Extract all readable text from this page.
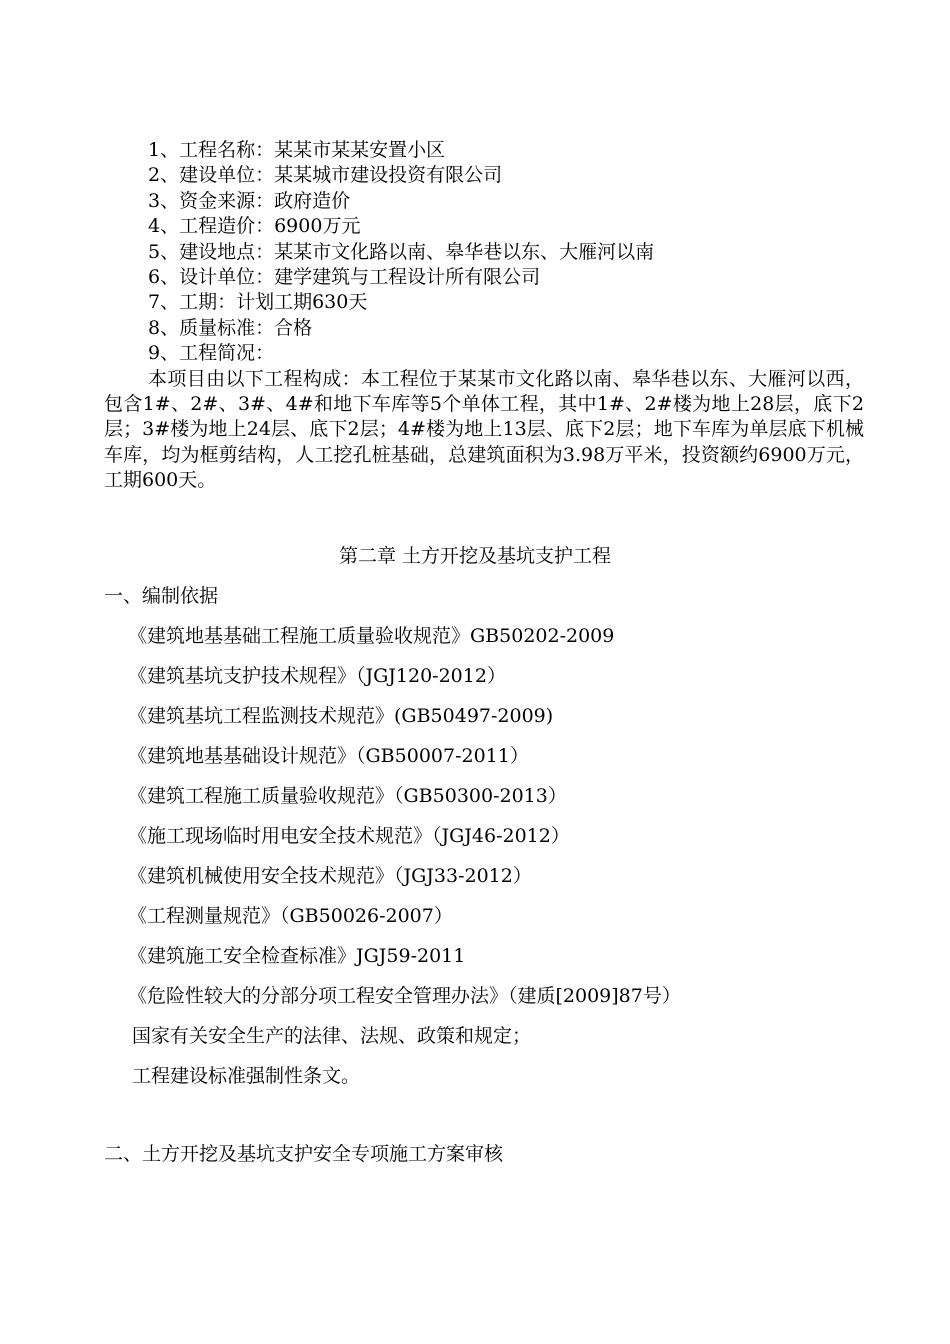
1、工程名称：某某市某某安置小区
2、建设单位：某某城市建设投资有限公司
3、资金来源：政府造价
4、工程造价：6900万元
5、建设地点：某某市文化路以南、皋华巷以东、大雁河以南
6、设计单位：建学建筑与工程设计所有限公司
7、工期：计划工期630天
8、质量标准：合格
9、工程简况：
本项目由以下工程构成：本工程位于某某市文化路以南、皋华巷以东、大雁河以西，包含1#、2#、3#、4#和地下车库等5个单体工程，其中1#、2#楼为地上28层，底下2层；3#楼为地上24层、底下2层；4#楼为地上13层、底下2层；地下车库为单层底下机械车库，均为框剪结构，人工挖孔桩基础，总建筑面积为3.98万平米，投资额约6900万元，工期600天。
第二章 土方开挖及基坑支护工程
一、编制依据
《建筑地基基础工程施工质量验收规范》GB50202-2009
《建筑基坑支护技术规程》（JGJ120-2012）
《建筑基坑工程监测技术规范》(GB50497-2009)
《建筑地基基础设计规范》（GB50007-2011）
《建筑工程施工质量验收规范》（GB50300-2013）
《施工现场临时用电安全技术规范》（JGJ46-2012）
《建筑机械使用安全技术规范》（JGJ33-2012）
《工程测量规范》（GB50026-2007）
《建筑施工安全检查标准》JGJ59-2011
《危险性较大的分部分项工程安全管理办法》（建质[2009]87号）
国家有关安全生产的法律、法规、政策和规定；
工程建设标准强制性条文。
二、土方开挖及基坑支护安全专项施工方案审核
